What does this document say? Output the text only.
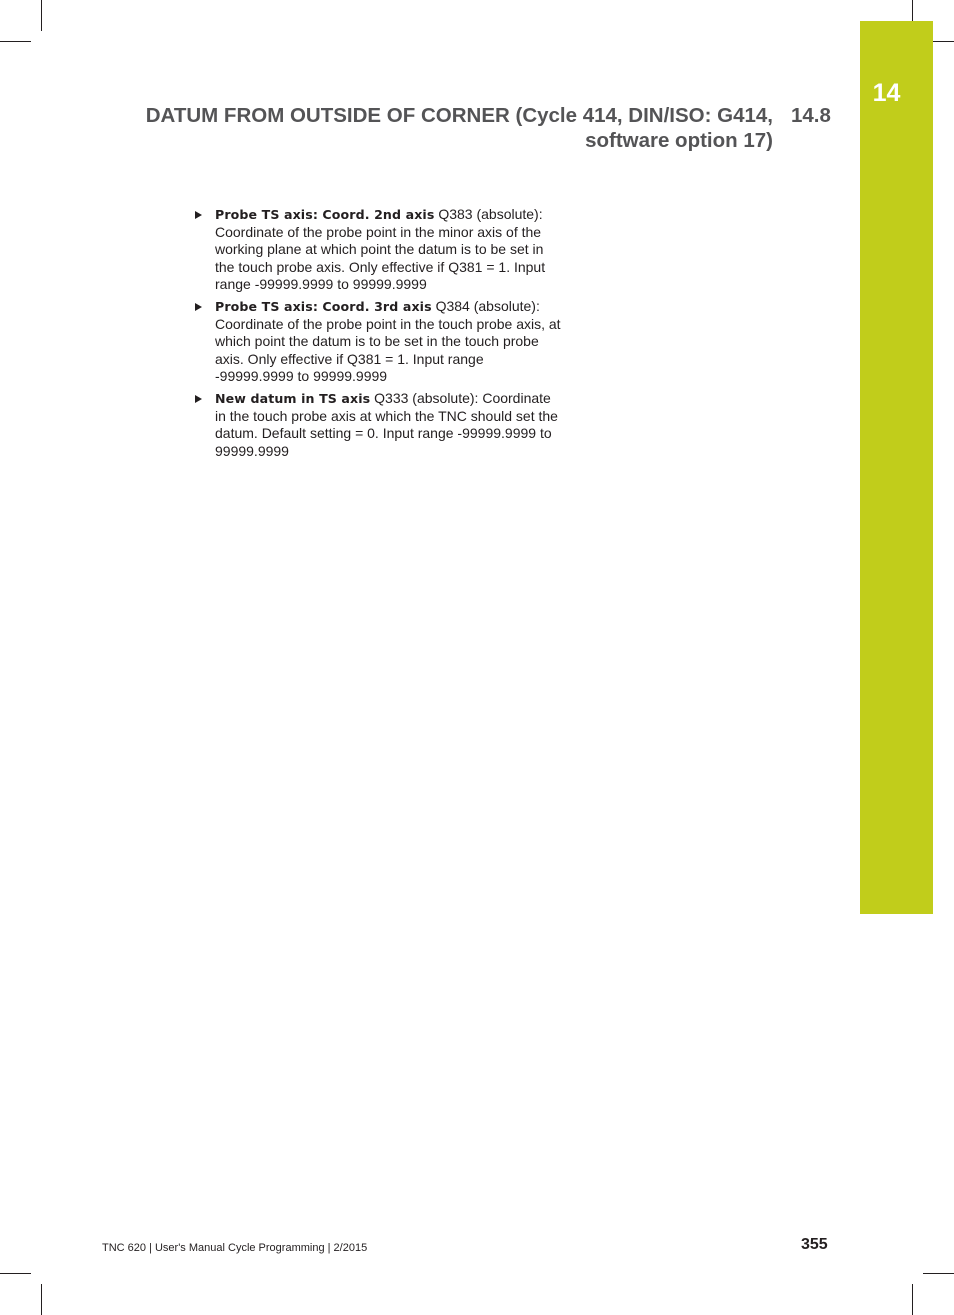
14
DATUM FROM OUTSIDE OF CORNER (Cycle 414, DIN/ISO: G414,
software option 17)
14.8
Probe TS axis: Coord. 2nd axis Q383 (absolute): Coordinate of the probe point in the minor axis of the working plane at which point the datum is to be set in the touch probe axis. Only effective if Q381 = 1. Input range -99999.9999 to 99999.9999
Probe TS axis: Coord. 3rd axis Q384 (absolute): Coordinate of the probe point in the touch probe axis, at which point the datum is to be set in the touch probe axis. Only effective if Q381 = 1. Input range -99999.9999 to 99999.9999
New datum in TS axis Q333 (absolute): Coordinate in the touch probe axis at which the TNC should set the datum. Default setting = 0. Input range -99999.9999 to 99999.9999
TNC 620 | User's Manual Cycle Programming | 2/2015	355
